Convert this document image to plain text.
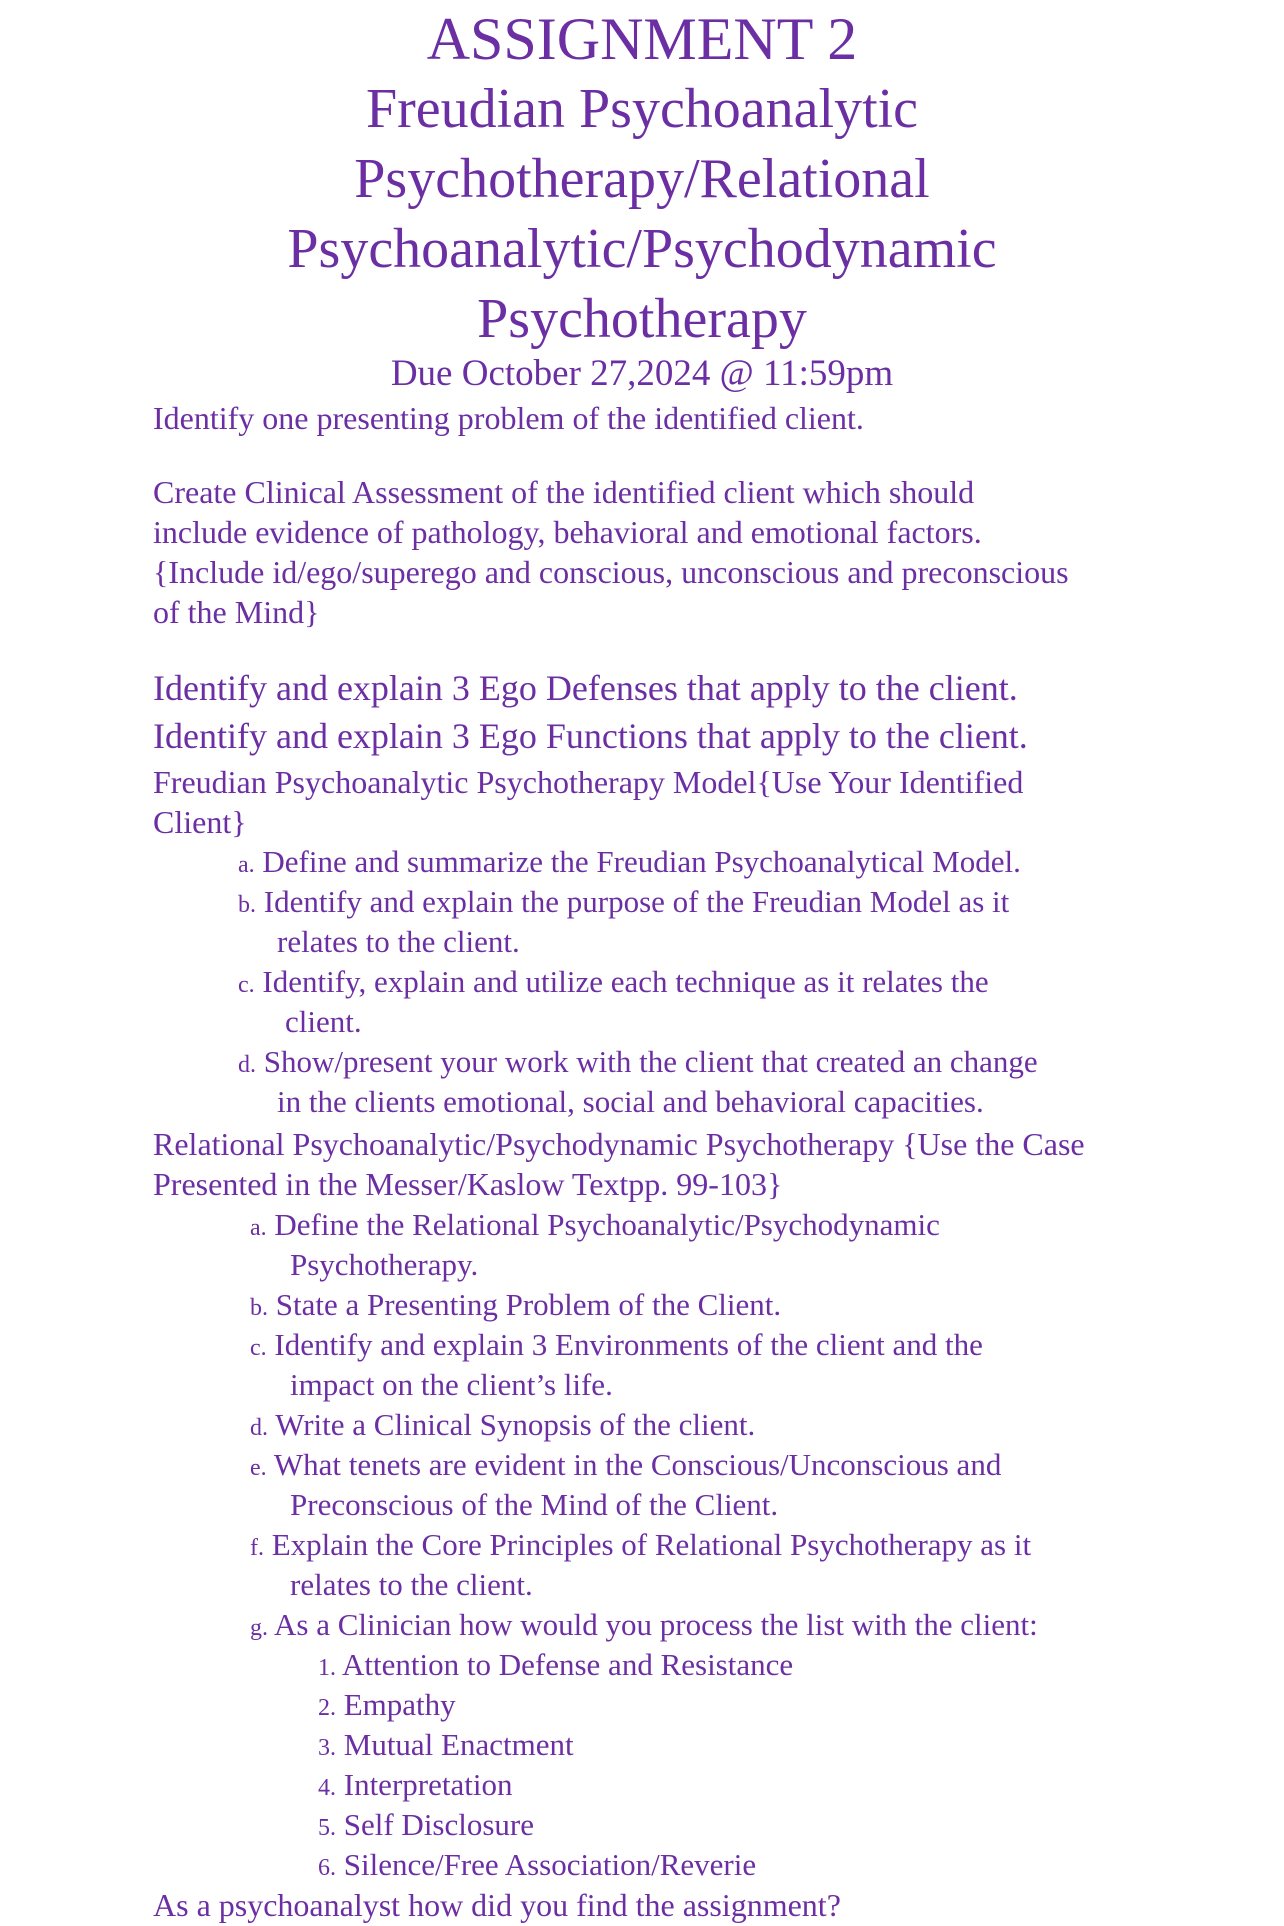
ASSIGNMENT 2
Freudian Psychoanalytic
Psychotherapy/Relational
Psychoanalytic/Psychodynamic
Psychotherapy
Due October 27,2024 @ 11:59pm
Identify one presenting problem of the identified client.
Create Clinical Assessment of the identified client which should
include evidence of pathology, behavioral and emotional factors.
{Include id/ego/superego and conscious, unconscious and preconscious
of the Mind}
Identify and explain 3 Ego Defenses that apply to the client.
Identify and explain 3 Ego Functions that apply to the client.
Freudian Psychoanalytic Psychotherapy Model{Use Your Identified
Client}
a. Define and summarize the Freudian Psychoanalytical Model.
b. Identify and explain the purpose of the Freudian Model as it
relates to the client.
c. Identify, explain and utilize each technique as it relates the
client.
d. Show/present your work with the client that created an change
in the clients emotional, social and behavioral capacities.
Relational Psychoanalytic/Psychodynamic Psychotherapy {Use the Case
Presented in the Messer/Kaslow Textpp. 99-103}
a. Define the Relational Psychoanalytic/Psychodynamic
Psychotherapy.
b. State a Presenting Problem of the Client.
c. Identify and explain 3 Environments of the client and the
impact on the client’s life.
d. Write a Clinical Synopsis of the client.
e. What tenets are evident in the Conscious/Unconscious and
Preconscious of the Mind of the Client.
f. Explain the Core Principles of Relational Psychotherapy as it
relates to the client.
g. As a Clinician how would you process the list with the client:
1. Attention to Defense and Resistance
2. Empathy
3. Mutual Enactment
4. Interpretation
5. Self Disclosure
6. Silence/Free Association/Reverie
As a psychoanalyst how did you find the assignment?
